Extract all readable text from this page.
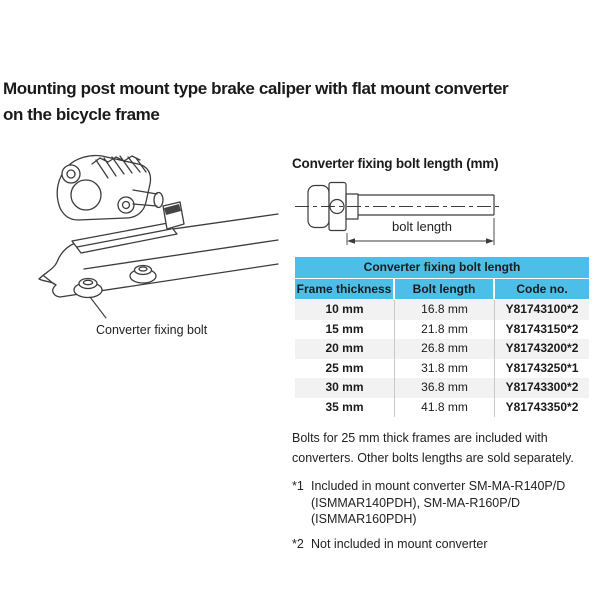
Mounting post mount type brake caliper with flat mount converter
on the bicycle frame
Converter fixing bolt
Converter fixing bolt length (mm)
bolt length
Converter fixing bolt length
Frame thickness	Bolt length	Code no.
10 mm	16.8 mm	Y81743100*2
15 mm	21.8 mm	Y81743150*2
20 mm	26.8 mm	Y81743200*2
25 mm	31.8 mm	Y81743250*1
30 mm	36.8 mm	Y81743300*2
35 mm	41.8 mm	Y81743350*2

Bolts for 25 mm thick frames are included with converters. Other bolts lengths are sold separately.

*1 Included in mount converter SM-MA-R140P/D (ISMMAR140PDH), SM-MA-R160P/D (ISMMAR160PDH)
*2 Not included in mount converter
